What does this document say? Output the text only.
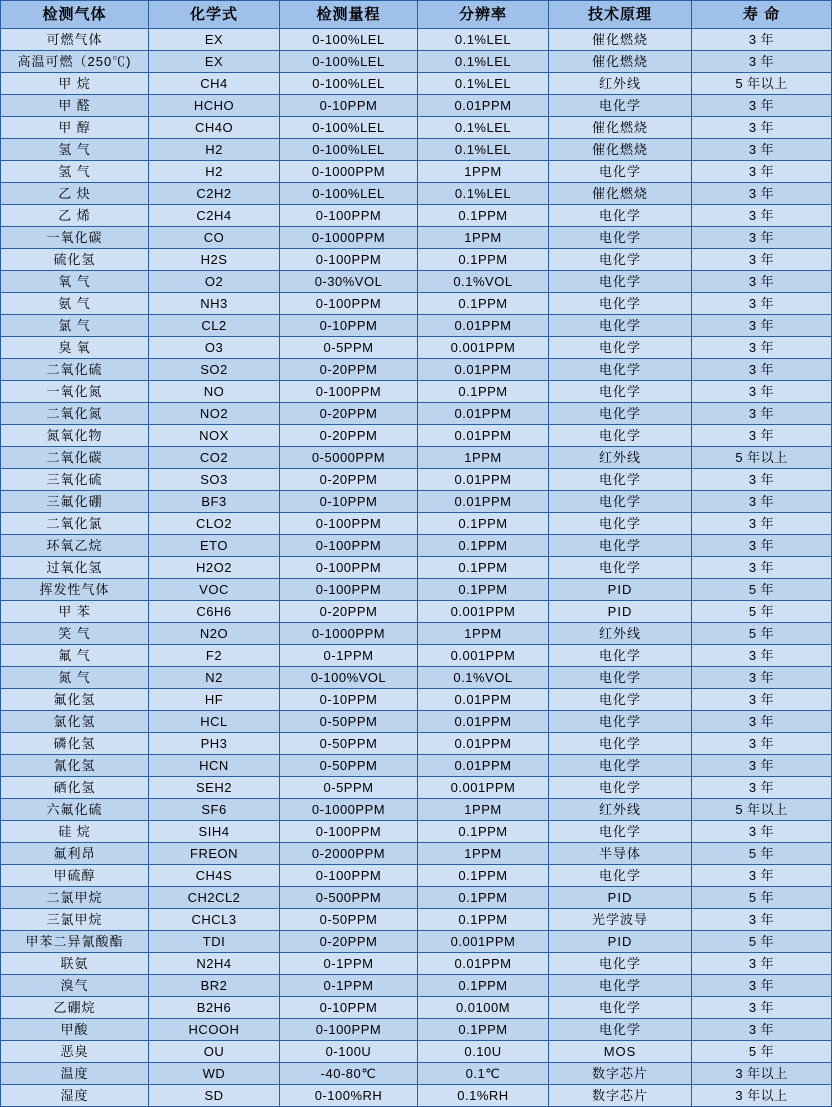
检测气体	化学式	检测量程	分辨率	技术原理	寿 命
可燃气体	EX	0-100%LEL	0.1%LEL	催化燃烧	3 年
高温可燃（250℃)	EX	0-100%LEL	0.1%LEL	催化燃烧	3 年
甲 烷	CH4	0-100%LEL	0.1%LEL	红外线	5 年以上
甲 醛	HCHO	0-10PPM	0.01PPM	电化学	3 年
甲 醇	CH4O	0-100%LEL	0.1%LEL	催化燃烧	3 年
氢 气	H2	0-100%LEL	0.1%LEL	催化燃烧	3 年
氢 气	H2	0-1000PPM	1PPM	电化学	3 年
乙 炔	C2H2	0-100%LEL	0.1%LEL	催化燃烧	3 年
乙 烯	C2H4	0-100PPM	0.1PPM	电化学	3 年
一氧化碳	CO	0-1000PPM	1PPM	电化学	3 年
硫化氢	H2S	0-100PPM	0.1PPM	电化学	3 年
氧 气	O2	0-30%VOL	0.1%VOL	电化学	3 年
氨 气	NH3	0-100PPM	0.1PPM	电化学	3 年
氯 气	CL2	0-10PPM	0.01PPM	电化学	3 年
臭 氧	O3	0-5PPM	0.001PPM	电化学	3 年
二氧化硫	SO2	0-20PPM	0.01PPM	电化学	3 年
一氧化氮	NO	0-100PPM	0.1PPM	电化学	3 年
二氧化氮	NO2	0-20PPM	0.01PPM	电化学	3 年
氮氧化物	NOX	0-20PPM	0.01PPM	电化学	3 年
二氧化碳	CO2	0-5000PPM	1PPM	红外线	5 年以上
三氧化硫	SO3	0-20PPM	0.01PPM	电化学	3 年
三氟化硼	BF3	0-10PPM	0.01PPM	电化学	3 年
二氧化氯	CLO2	0-100PPM	0.1PPM	电化学	3 年
环氧乙烷	ETO	0-100PPM	0.1PPM	电化学	3 年
过氧化氢	H2O2	0-100PPM	0.1PPM	电化学	3 年
挥发性气体	VOC	0-100PPM	0.1PPM	PID	5 年
甲 苯	C6H6	0-20PPM	0.001PPM	PID	5 年
笑 气	N2O	0-1000PPM	1PPM	红外线	5 年
氟 气	F2	0-1PPM	0.001PPM	电化学	3 年
氮 气	N2	0-100%VOL	0.1%VOL	电化学	3 年
氟化氢	HF	0-10PPM	0.01PPM	电化学	3 年
氯化氢	HCL	0-50PPM	0.01PPM	电化学	3 年
磷化氢	PH3	0-50PPM	0.01PPM	电化学	3 年
氰化氢	HCN	0-50PPM	0.01PPM	电化学	3 年
硒化氢	SEH2	0-5PPM	0.001PPM	电化学	3 年
六氟化硫	SF6	0-1000PPM	1PPM	红外线	5 年以上
硅 烷	SIH4	0-100PPM	0.1PPM	电化学	3 年
氟利昂	FREON	0-2000PPM	1PPM	半导体	5 年
甲硫醇	CH4S	0-100PPM	0.1PPM	电化学	3 年
二氯甲烷	CH2CL2	0-500PPM	0.1PPM	PID	5 年
三氯甲烷	CHCL3	0-50PPM	0.1PPM	光学波导	3 年
甲苯二异氰酸酯	TDI	0-20PPM	0.001PPM	PID	5 年
联氨	N2H4	0-1PPM	0.01PPM	电化学	3 年
溴气	BR2	0-1PPM	0.1PPM	电化学	3 年
乙硼烷	B2H6	0-10PPM	0.0100M	电化学	3 年
甲酸	HCOOH	0-100PPM	0.1PPM	电化学	3 年
恶臭	OU	0-100U	0.10U	MOS	5 年
温度	WD	-40-80℃	0.1℃	数字芯片	3 年以上
湿度	SD	0-100%RH	0.1%RH	数字芯片	3 年以上
